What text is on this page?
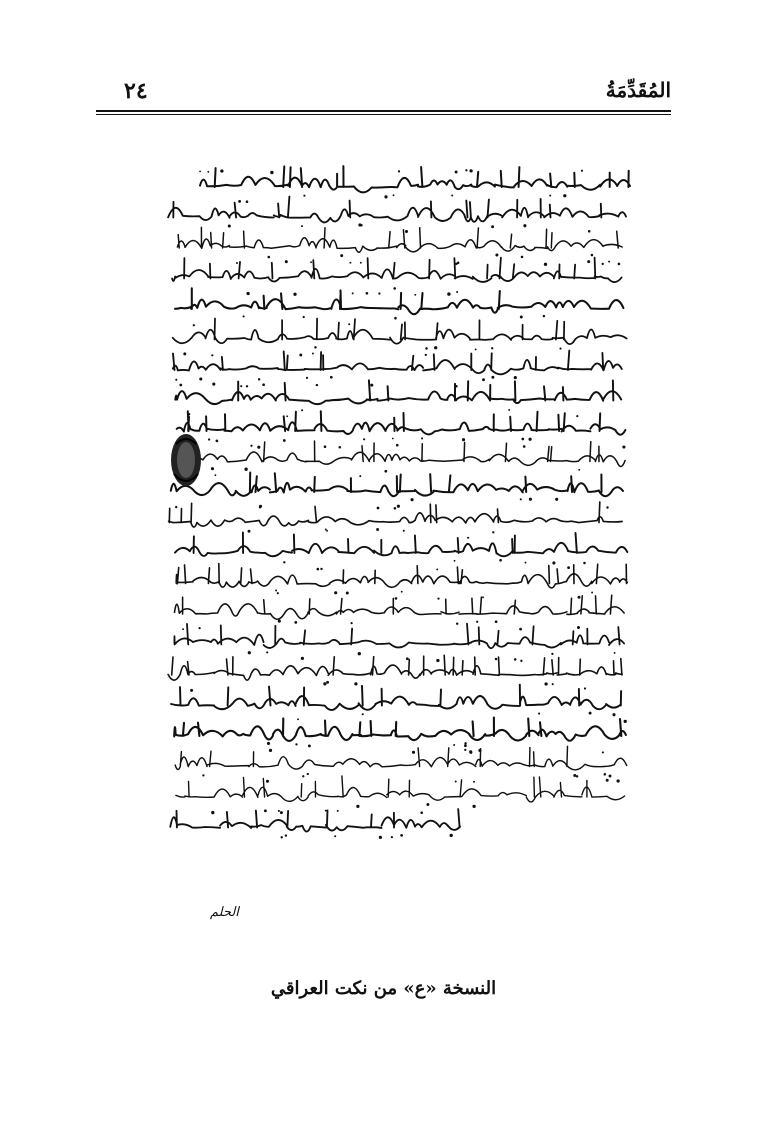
٢٤	المُقَدِّمَةُ
الحلم
النسخة «ع» من نكت العراقي
